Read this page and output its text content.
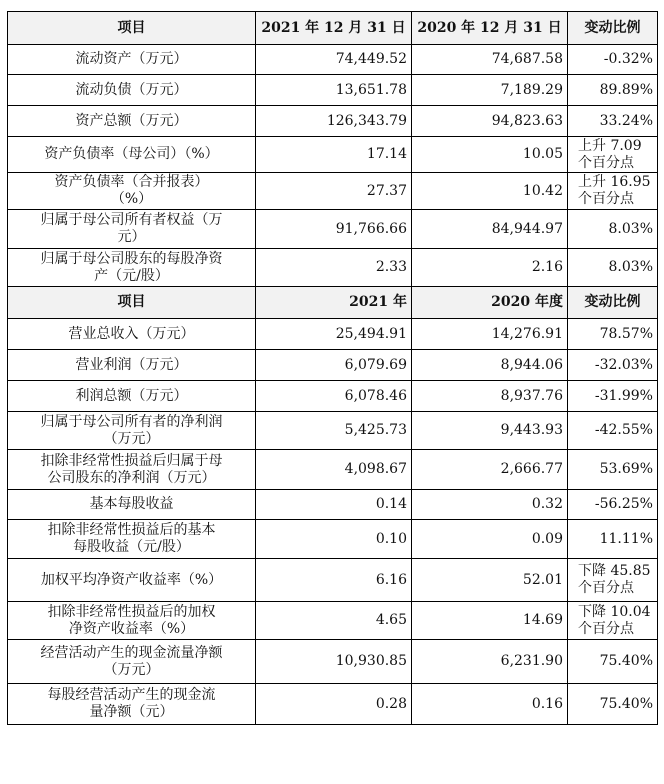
项目	2021 年 12 月 31 日	2020 年 12 月 31 日	变动比例

流动资产（万元）	74,449.52	74,687.58	-0.32%

流动负债（万元）	13,651.78	7,189.29	89.89%

资产总额（万元）	126,343.79	94,823.63	33.24%

资产负债率（母公司）（%）	17.14	10.05	上升 7.09
个百分点

资产负债率（合并报表）
（%）	27.37	10.42	上升 16.95
个百分点

归属于母公司所有者权益（万
元）	91,766.66	84,944.97	8.03%

归属于母公司股东的每股净资
产（元/股）	2.33	2.16	8.03%

项目	2021 年	2020 年度	变动比例

营业总收入（万元）	25,494.91	14,276.91	78.57%

营业利润（万元）	6,079.69	8,944.06	-32.03%

利润总额（万元）	6,078.46	8,937.76	-31.99%

归属于母公司所有者的净利润
（万元）	5,425.73	9,443.93	-42.55%

扣除非经常性损益后归属于母
公司股东的净利润（万元）	4,098.67	2,666.77	53.69%

基本每股收益	0.14	0.32	-56.25%

扣除非经常性损益后的基本
每股收益（元/股）	0.10	0.09	11.11%

加权平均净资产收益率（%）	6.16	52.01	下降 45.85
个百分点

扣除非经常性损益后的加权
净资产收益率（%）	4.65	14.69	下降 10.04
个百分点

经营活动产生的现金流量净额
（万元）	10,930.85	6,231.90	75.40%

每股经营活动产生的现金流
量净额（元）	0.28	0.16	75.40%
